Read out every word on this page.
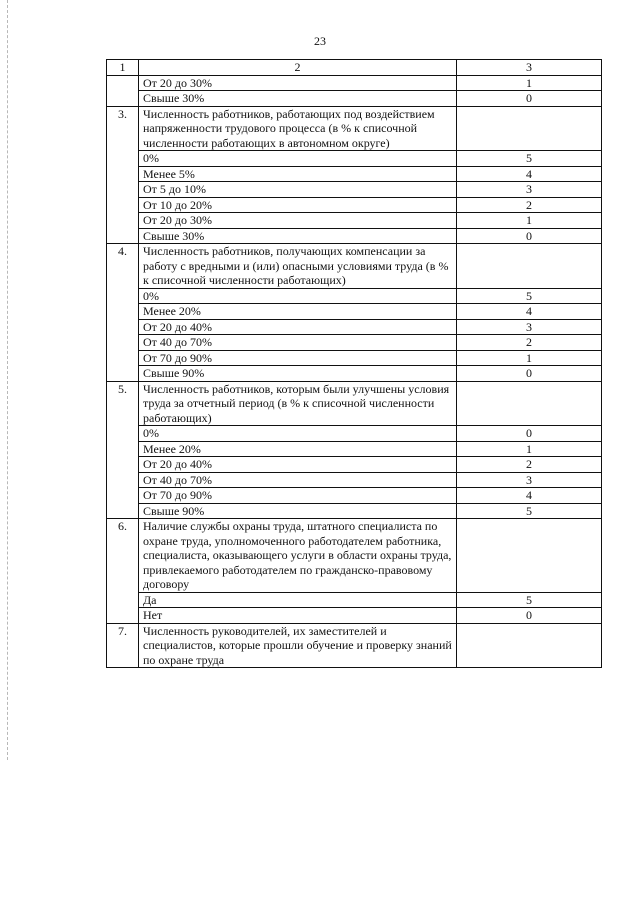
23
1	2	3
	От 20 до 30%	1
	Свыше 30%	0
3.	Численность работников, работающих под воздействием напряженности трудового процесса (в % к списочной численности работающих в автономном округе)	
	0%	5
	Менее 5%	4
	От 5 до 10%	3
	От 10 до 20%	2
	От 20 до 30%	1
	Свыше 30%	0
4.	Численность работников, получающих компенсации за работу с вредными и (или) опасными условиями труда (в % к списочной численности работающих)	
	0%	5
	Менее 20%	4
	От 20 до 40%	3
	От 40 до 70%	2
	От 70 до 90%	1
	Свыше 90%	0
5.	Численность работников, которым были улучшены условия труда за отчетный период (в % к списочной численности работающих)	
	0%	0
	Менее 20%	1
	От 20 до 40%	2
	От 40 до 70%	3
	От 70 до 90%	4
	Свыше 90%	5
6.	Наличие службы охраны труда, штатного специалиста по охране труда, уполномоченного работодателем работника, специалиста, оказывающего услуги в области охраны труда, привлекаемого работодателем по гражданско-правовому договору	
	Да	5
	Нет	0
7.	Численность руководителей, их заместителей и специалистов, которые прошли обучение и проверку знаний по охране труда	
